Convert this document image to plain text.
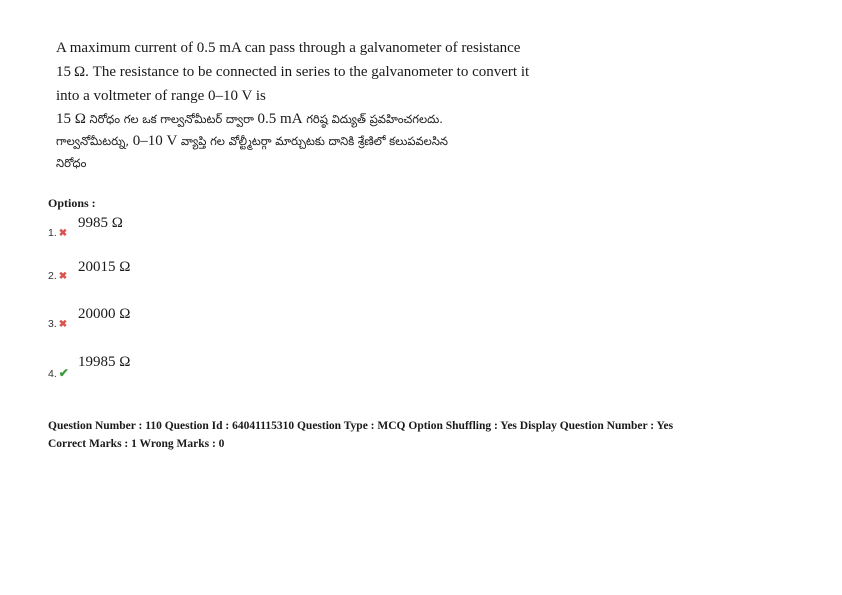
A maximum current of 0.5 mA can pass through a galvanometer of resistance

15 Ω. The resistance to be connected in series to the galvanometer to convert it

into a voltmeter of range 0–10 V is

15 Ω నిరోధం గల ఒక గాల్వనోమీటర్ ద్వారా 0.5 mA గరిష్ఠ విద్యుత్ ప్రవహించగలదు.

గాల్వనోమీటర్ను, 0–10 V వ్యాప్తి గల వోల్ట్మీటర్గా మార్చుటకు దానికి శ్రేణిలో కలుపవలసిన

నిరోధం

Options :
1. ✖
9985 Ω
2. ✖
20015 Ω
3. ✖
20000 Ω
4. ✔
19985 Ω

Question Number : 110 Question Id : 64041115310 Question Type : MCQ Option Shuffling : Yes Display Question Number : Yes

Correct Marks : 1 Wrong Marks : 0
